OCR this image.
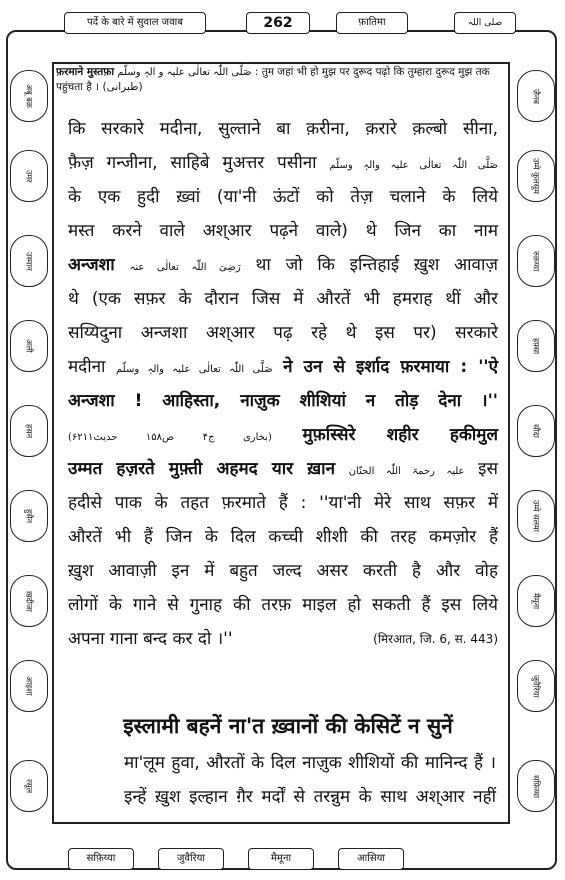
पर्दे के बारे में सुवाल जवाब	262	फ़ातिमा	صلی اللہ
फ़रमाने मुस्तफ़ा صَلَّی اللّٰہ تعالٰی علیہ و الہٖ وسلّم : तुम जहां भी हो मुझ पर दुरूद पढ़ो कि तुम्हारा दुरूद मुझ तक पहुंचता है । (طبرانی)
अबू बक्र
उमर
उस्मान
अली
हसन
हुसैन
ख़दीजा
आइशा
रसूल
ज़ैनब
उम्मे कुलसूम
रुक़य्या
हफ़्सा
सौदा
उम्मे सलमा
मैमूना
जुवैरिया
सफ़िय्या
कि सरकारे मदीना, सुल्ताने बा क़रीना, क़रारे क़ल्बो सीना,
फ़ैज़ गन्जीना, साहिबे मुअत्तर पसीना صَلَّی اللّٰہ تعالٰی علیہ والہٖ وسلّم
के एक हुदी ख़्वां (या'नी ऊंटों को तेज़ चलाने के लिये
मस्त करने वाले अश्आर पढ़ने वाले) थे जिन का नाम
अन्जशा رَضِیَ اللّٰہ تعالٰی عنہ था जो कि इन्तिहाई ख़ुश आवाज़
थे (एक सफ़र के दौरान जिस में औरतें भी हमराह थीं और
सय्यिदुना अन्जशा अश्आर पढ़ रहे थे इस पर) सरकारे
मदीना صَلَّی اللّٰہ تعالٰی علیہ والہٖ وسلّم ने उन से इर्शाद फ़रमाया : ''ऐ
अन्जशा ! आहिस्ता, नाज़ुक शीशियां न तोड़ देना ।''
(بخاری ج۴ ص۱۵۸ حدیث۶۲۱۱) मुफ़स्सिरे शहीर हकीमुल
उम्मत हज़रते मुफ़्ती अहमद यार ख़ान علیہ رحمۃ اللّٰہ الحنّان इस
हदीसे पाक के तहत फ़रमाते हैं : ''या'नी मेरे साथ सफ़र में
औरतें भी हैं जिन के दिल कच्ची शीशी की तरह कमज़ोर हैं
ख़ुश आवाज़ी इन में बहुत जल्द असर करती है और वोह
लोगों के गाने से गुनाह की तरफ़ माइल हो सकती हैं इस लिये
अपना गाना बन्द कर दो ।''	(मिरआत, जि. 6, स. 443)
इस्लामी बहनें ना'त ख़्वानों की केसिटें न सुनें
मा'लूम हुवा, औरतों के दिल नाज़ुक शीशियों की मानिन्द हैं ।
इन्हें ख़ुश इल्हान ग़ैर मर्दों से तरन्नुम के साथ अश्आर नहीं
सफ़िय्या	जुवैरिया	मैमूना	आसिया
